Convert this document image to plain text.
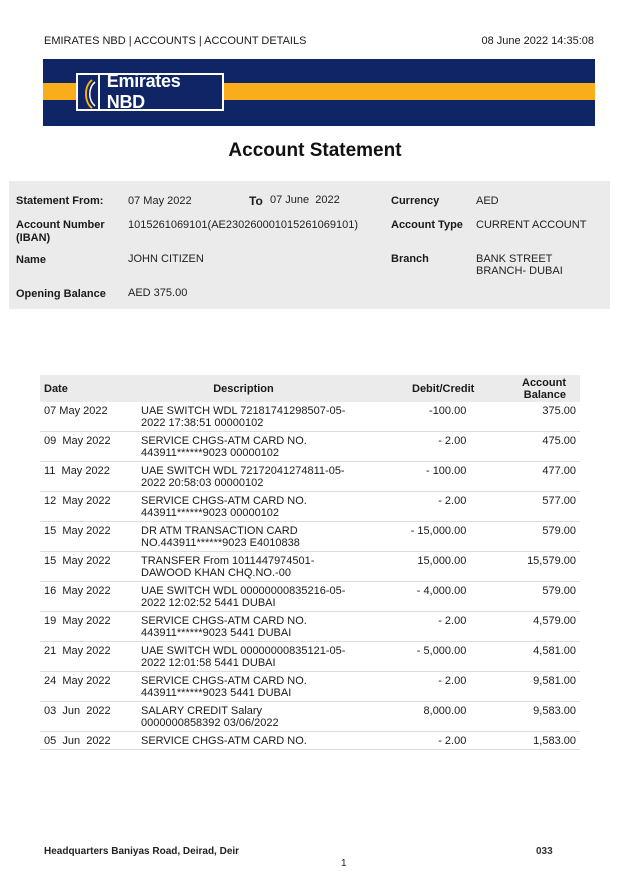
EMIRATES NBD | ACCOUNTS | ACCOUNT DETAILS	08 June 2022 14:35:08
Emirates NBD
Account Statement
Statement From: 07 May 2022	To 07 June  2022	Currency	AED
Account Number
(IBAN)
1015261069101(AE230260001015261069101)	Account Type CURRENT ACCOUNT
Name	JOHN CITIZEN	Branch	BANK STREET
BRANCH- DUBAI
Opening Balance AED 375.00
Date	Description	Debit/Credit	Account Balance
07 May 2022	UAE SWITCH WDL 72181741298507-05-
2022 17:38:51 00000102	-100.00	375.00
09  May 2022	SERVICE CHGS-ATM CARD NO.
443911******9023 00000102	- 2.00	475.00
11  May 2022	UAE SWITCH WDL 72172041274811-05-
2022 20:58:03 00000102	- 100.00	477.00
12  May 2022	SERVICE CHGS-ATM CARD NO.
443911******9023 00000102	- 2.00	577.00
15  May 2022	DR ATM TRANSACTION CARD
NO.443911******9023 E4010838	- 15,000.00	579.00
15  May 2022	TRANSFER From 1011447974501-
DAWOOD KHAN CHQ.NO.-00	15,000.00	15,579.00
16  May 2022	UAE SWITCH WDL 00000000835216-05-
2022 12:02:52 5441 DUBAI	- 4,000.00	579.00
19  May 2022	SERVICE CHGS-ATM CARD NO.
443911******9023 5441 DUBAI	- 2.00	4,579.00
21  May 2022	UAE SWITCH WDL 00000000835121-05-
2022 12:01:58 5441 DUBAI	- 5,000.00	4,581.00
24  May 2022	SERVICE CHGS-ATM CARD NO.
443911******9023 5441 DUBAI	- 2.00	9,581.00
03  Jun  2022	SALARY CREDIT Salary
0000000858392 03/06/2022	8,000.00	9,583.00
05  Jun  2022	SERVICE CHGS-ATM CARD NO.	- 2.00	1,583.00
Headquarters Baniyas Road, Deirad, Deir	033
1
